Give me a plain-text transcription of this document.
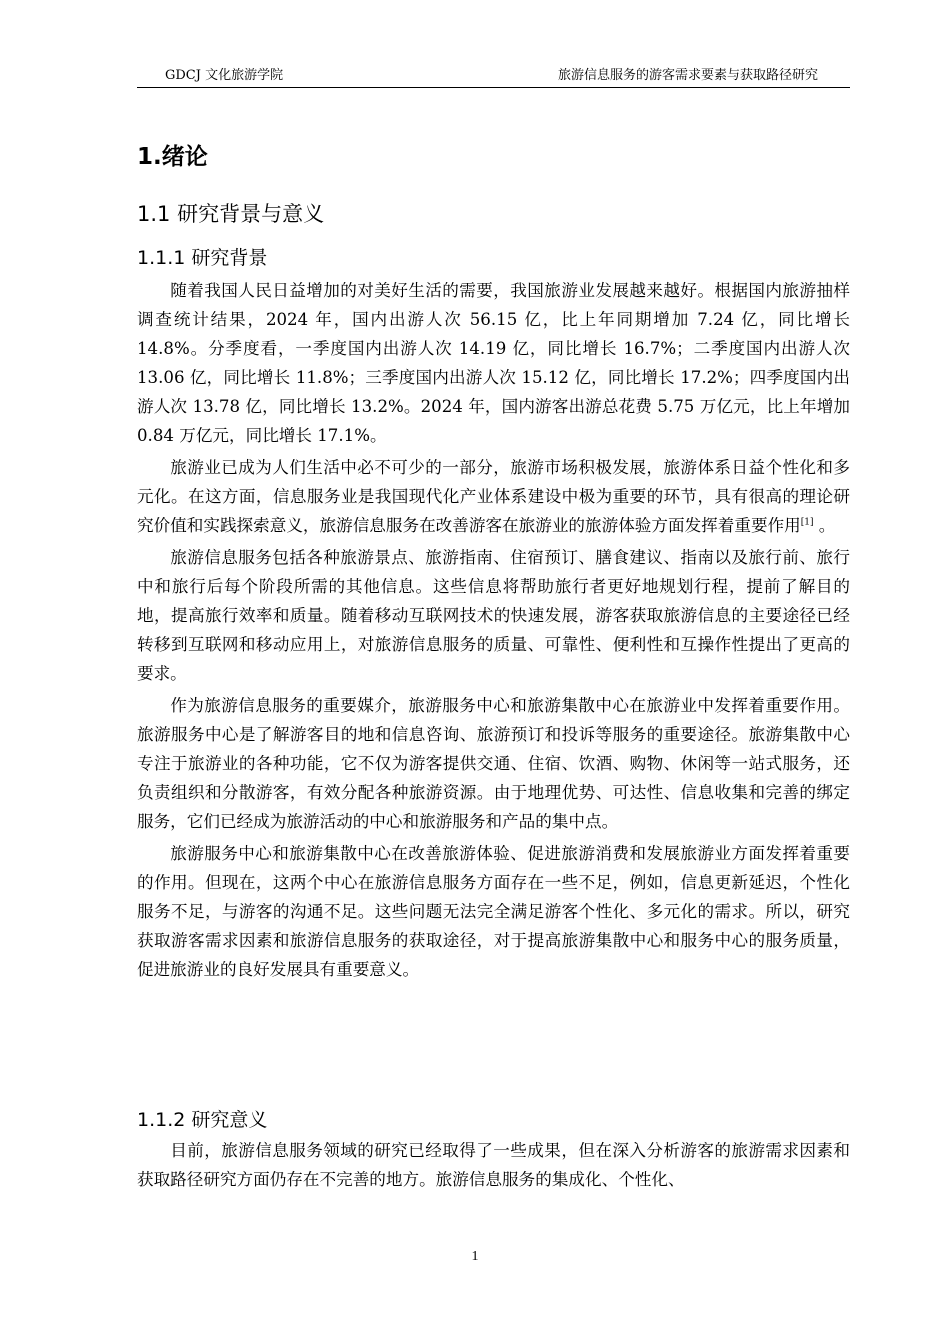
GDCJ 文化旅游学院	旅游信息服务的游客需求要素与获取路径研究
1.绪论
1.1 研究背景与意义
1.1.1 研究背景

随着我国人民日益增加的对美好生活的需要，我国旅游业发展越来越好。根据国内旅游抽样调查统计结果，2024 年，国内出游人次 56.15 亿，比上年同期增加 7.24 亿，同比增长 14.8%。分季度看，一季度国内出游人次 14.19 亿，同比增长 16.7%；二季度国内出游人次 13.06 亿，同比增长 11.8%；三季度国内出游人次 15.12 亿，同比增长 17.2%；四季度国内出游人次 13.78 亿，同比增长 13.2%。2024 年，国内游客出游总花费 5.75 万亿元，比上年增加 0.84 万亿元，同比增长 17.1%。

旅游业已成为人们生活中必不可少的一部分，旅游市场积极发展，旅游体系日益个性化和多元化。在这方面，信息服务业是我国现代化产业体系建设中极为重要的环节，具有很高的理论研究价值和实践探索意义，旅游信息服务在改善游客在旅游业的旅游体验方面发挥着重要作用[1] 。

旅游信息服务包括各种旅游景点、旅游指南、住宿预订、膳食建议、指南以及旅行前、旅行中和旅行后每个阶段所需的其他信息。这些信息将帮助旅行者更好地规划行程，提前了解目的地，提高旅行效率和质量。随着移动互联网技术的快速发展，游客获取旅游信息的主要途径已经转移到互联网和移动应用上，对旅游信息服务的质量、可靠性、便利性和互操作性提出了更高的要求。

作为旅游信息服务的重要媒介，旅游服务中心和旅游集散中心在旅游业中发挥着重要作用。旅游服务中心是了解游客目的地和信息咨询、旅游预订和投诉等服务的重要途径。旅游集散中心专注于旅游业的各种功能，它不仅为游客提供交通、住宿、饮酒、购物、休闲等一站式服务，还负责组织和分散游客，有效分配各种旅游资源。由于地理优势、可达性、信息收集和完善的绑定服务，它们已经成为旅游活动的中心和旅游服务和产品的集中点。

旅游服务中心和旅游集散中心在改善旅游体验、促进旅游消费和发展旅游业方面发挥着重要的作用。但现在，这两个中心在旅游信息服务方面存在一些不足，例如，信息更新延迟，个性化服务不足，与游客的沟通不足。这些问题无法完全满足游客个性化、多元化的需求。所以，研究获取游客需求因素和旅游信息服务的获取途径，对于提高旅游集散中心和服务中心的服务质量，促进旅游业的良好发展具有重要意义。

1.1.2 研究意义

目前，旅游信息服务领域的研究已经取得了一些成果，但在深入分析游客的旅游需求因素和获取路径研究方面仍存在不完善的地方。旅游信息服务的集成化、个性化、

1
